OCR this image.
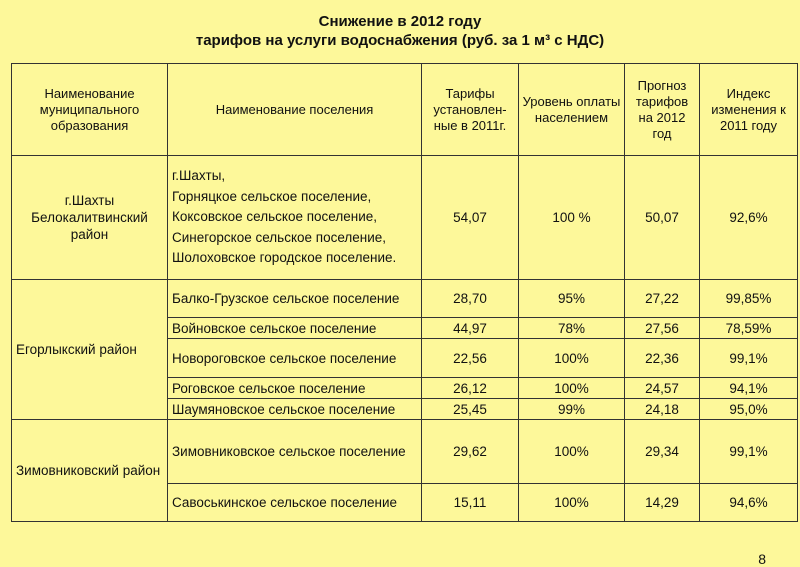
Снижение в 2012 году
тарифов на услуги водоснабжения (руб. за 1 м³ с НДС)
Наименование муниципального образования	Наименование поселения	Тарифы установлен-ные в 2011г.	Уровень оплаты населением	Прогноз тарифов на 2012 год	Индекс изменения к 2011 году
г.Шахты Белокалитвинский район	г.Шахты,
Горняцкое сельское поселение,
Коксовское сельское поселение,
Синегорское сельское поселение,
Шолоховское городское поселение.	54,07	100 %	50,07	92,6%
Егорлыкский район	Балко-Грузское сельское поселение	28,70	95%	27,22	99,85%
	Войновское сельское поселение	44,97	78%	27,56	78,59%
	Новороговское сельское поселение	22,56	100%	22,36	99,1%
	Роговское сельское поселение	26,12	100%	24,57	94,1%
	Шаумяновское сельское поселение	25,45	99%	24,18	95,0%
Зимовниковский район	Зимовниковское сельское поселение	29,62	100%	29,34	99,1%
	Савоськинское сельское поселение	15,11	100%	14,29	94,6%
8
